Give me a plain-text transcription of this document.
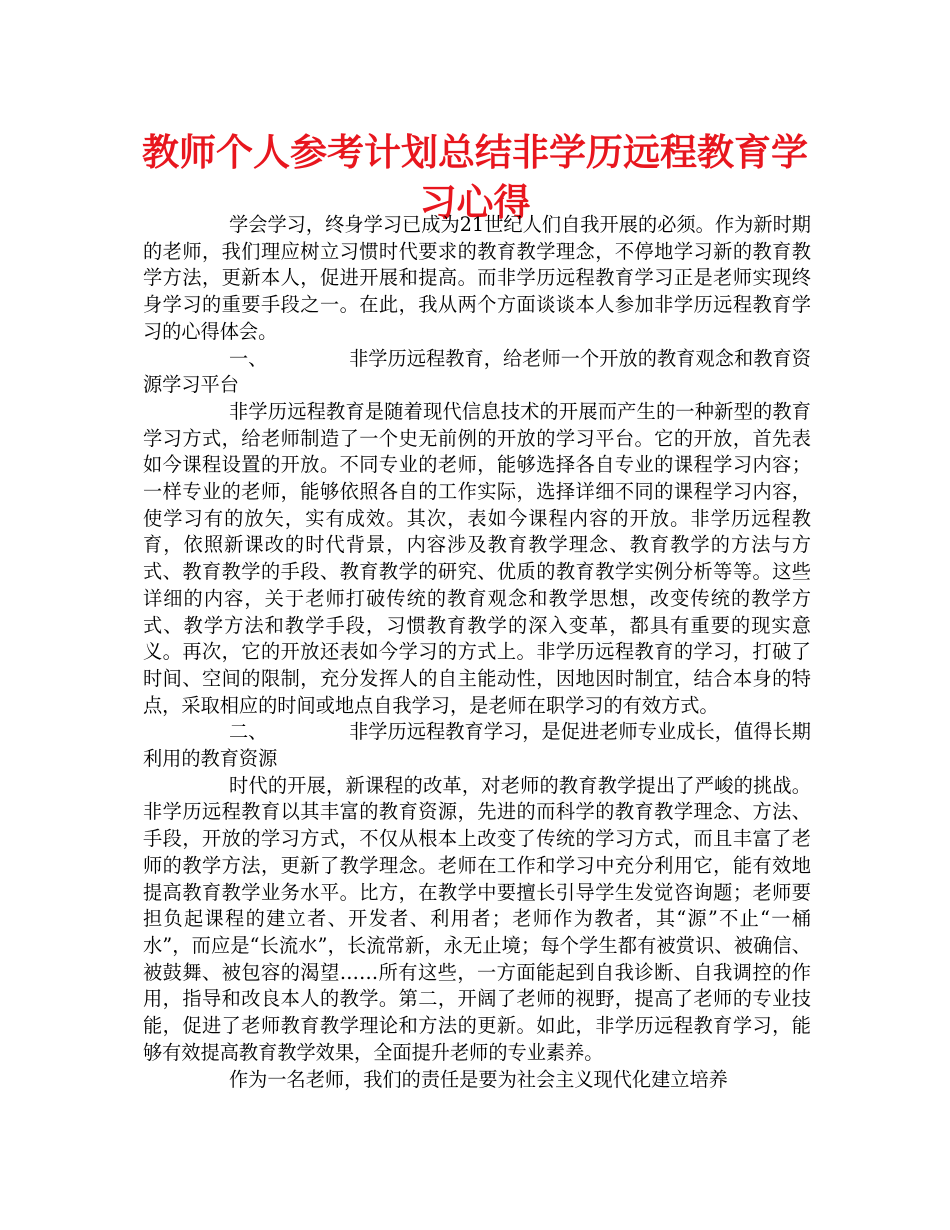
教师个人参考计划总结非学历远程教育学习心得

学会学习，终身学习已成为21世纪人们自我开展的必须。作为新时期的老师，我们理应树立习惯时代要求的教育教学理念，不停地学习新的教育教学方法，更新本人，促进开展和提高。而非学历远程教育学习正是老师实现终身学习的重要手段之一。在此，我从两个方面谈谈本人参加非学历远程教育学习的心得体会。

一、	非学历远程教育，给老师一个开放的教育观念和教育资源学习平台

非学历远程教育是随着现代信息技术的开展而产生的一种新型的教育学习方式，给老师制造了一个史无前例的开放的学习平台。它的开放，首先表如今课程设置的开放。不同专业的老师，能够选择各自专业的课程学习内容；一样专业的老师，能够依照各自的工作实际，选择详细不同的课程学习内容，使学习有的放矢，实有成效。其次，表如今课程内容的开放。非学历远程教育，依照新课改的时代背景，内容涉及教育教学理念、教育教学的方法与方式、教育教学的手段、教育教学的研究、优质的教育教学实例分析等等。这些详细的内容，关于老师打破传统的教育观念和教学思想，改变传统的教学方式、教学方法和教学手段，习惯教育教学的深入变革，都具有重要的现实意义。再次，它的开放还表如今学习的方式上。非学历远程教育的学习，打破了时间、空间的限制，充分发挥人的自主能动性，因地因时制宜，结合本身的特点，采取相应的时间或地点自我学习，是老师在职学习的有效方式。

二、	非学历远程教育学习，是促进老师专业成长，值得长期利用的教育资源

时代的开展，新课程的改革，对老师的教育教学提出了严峻的挑战。非学历远程教育以其丰富的教育资源，先进的而科学的教育教学理念、方法、手段，开放的学习方式，不仅从根本上改变了传统的学习方式，而且丰富了老师的教学方法，更新了教学理念。老师在工作和学习中充分利用它，能有效地提高教育教学业务水平。比方，在教学中要擅长引导学生发觉咨询题；老师要担负起课程的建立者、开发者、利用者；老师作为教者，其“源”不止“一桶水”，而应是“长流水”，长流常新，永无止境；每个学生都有被赏识、被确信、被鼓舞、被包容的渴望……所有这些，一方面能起到自我诊断、自我调控的作用，指导和改良本人的教学。第二，开阔了老师的视野，提高了老师的专业技能，促进了老师教育教学理论和方法的更新。如此，非学历远程教育学习，能够有效提高教育教学效果，全面提升老师的专业素养。

作为一名老师，我们的责任是要为社会主义现代化建立培养
